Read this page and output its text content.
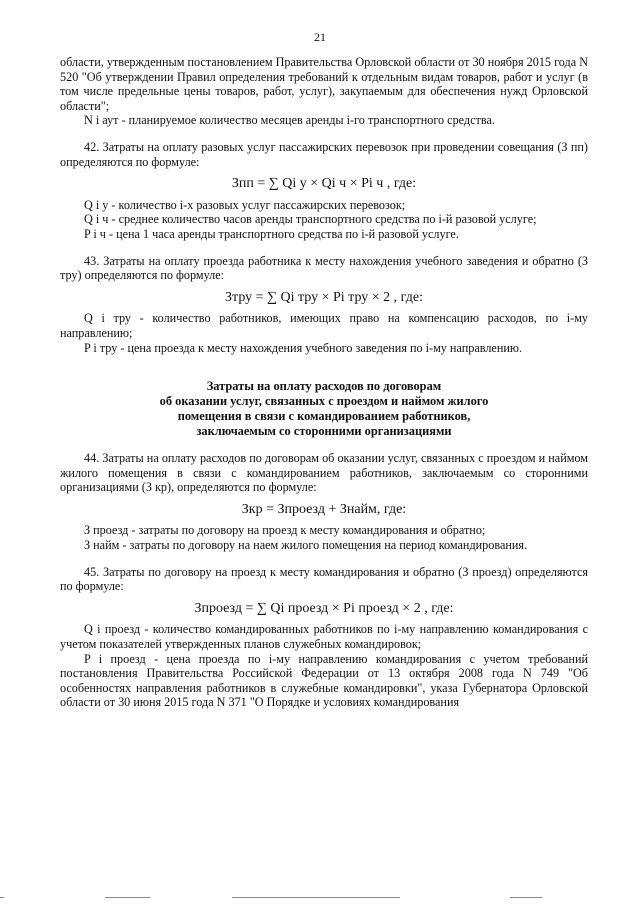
21

области, утвержденным постановлением Правительства Орловской области от 30 ноября 2015 года N 520 "Об утверждении Правил определения требований к отдельным видам товаров, работ и услуг (в том числе предельные цены товаров, работ, услуг), закупаемым для обеспечения нужд Орловской области";

N i аут - планируемое количество месяцев аренды i-го транспортного средства.

42. Затраты на оплату разовых услуг пассажирских перевозок при проведении совещания (З пп) определяются по формуле:

Зпп = ∑ Qi у × Qi ч × Pi ч , где:

Q i у - количество i-х разовых услуг пассажирских перевозок;

Q i ч - среднее количество часов аренды транспортного средства по i-й разовой услуге;

P i ч - цена 1 часа аренды транспортного средства по i-й разовой услуге.

43. Затраты на оплату проезда работника к месту нахождения учебного заведения и обратно (З тру) определяются по формуле:

Зтру = ∑ Qi тру × Pi тру × 2 , где:

Q i тру - количество работников, имеющих право на компенсацию расходов, по i-му направлению;

P i тру - цена проезда к месту нахождения учебного заведения по i-му направлению.

Затраты на оплату расходов по договорам

об оказании услуг, связанных с проездом и наймом жилого

помещения в связи с командированием работников,

заключаемым со сторонними организациями

44. Затраты на оплату расходов по договорам об оказании услуг, связанных с проездом и наймом жилого помещения в связи с командированием работников, заключаемым со сторонними организациями (З кр), определяются по формуле:

Зкр = Зпроезд + Знайм, где:

З проезд - затраты по договору на проезд к месту командирования и обратно;

З найм - затраты по договору на наем жилого помещения на период командирования.

45. Затраты по договору на проезд к месту командирования и обратно (З проезд) определяются по формуле:

Зпроезд = ∑ Qi проезд × Pi проезд × 2 , где:

Q i проезд - количество командированных работников по i-му направлению командирования с учетом показателей утвержденных планов служебных командировок;

P i проезд - цена проезда по i-му направлению командирования с учетом требований постановления Правительства Российской Федерации от 13 октября 2008 года N 749 "Об особенностях направления работников в служебные командировки", указа Губернатора Орловской области от 30 июня 2015 года N 371 "О Порядке и условиях командирования
